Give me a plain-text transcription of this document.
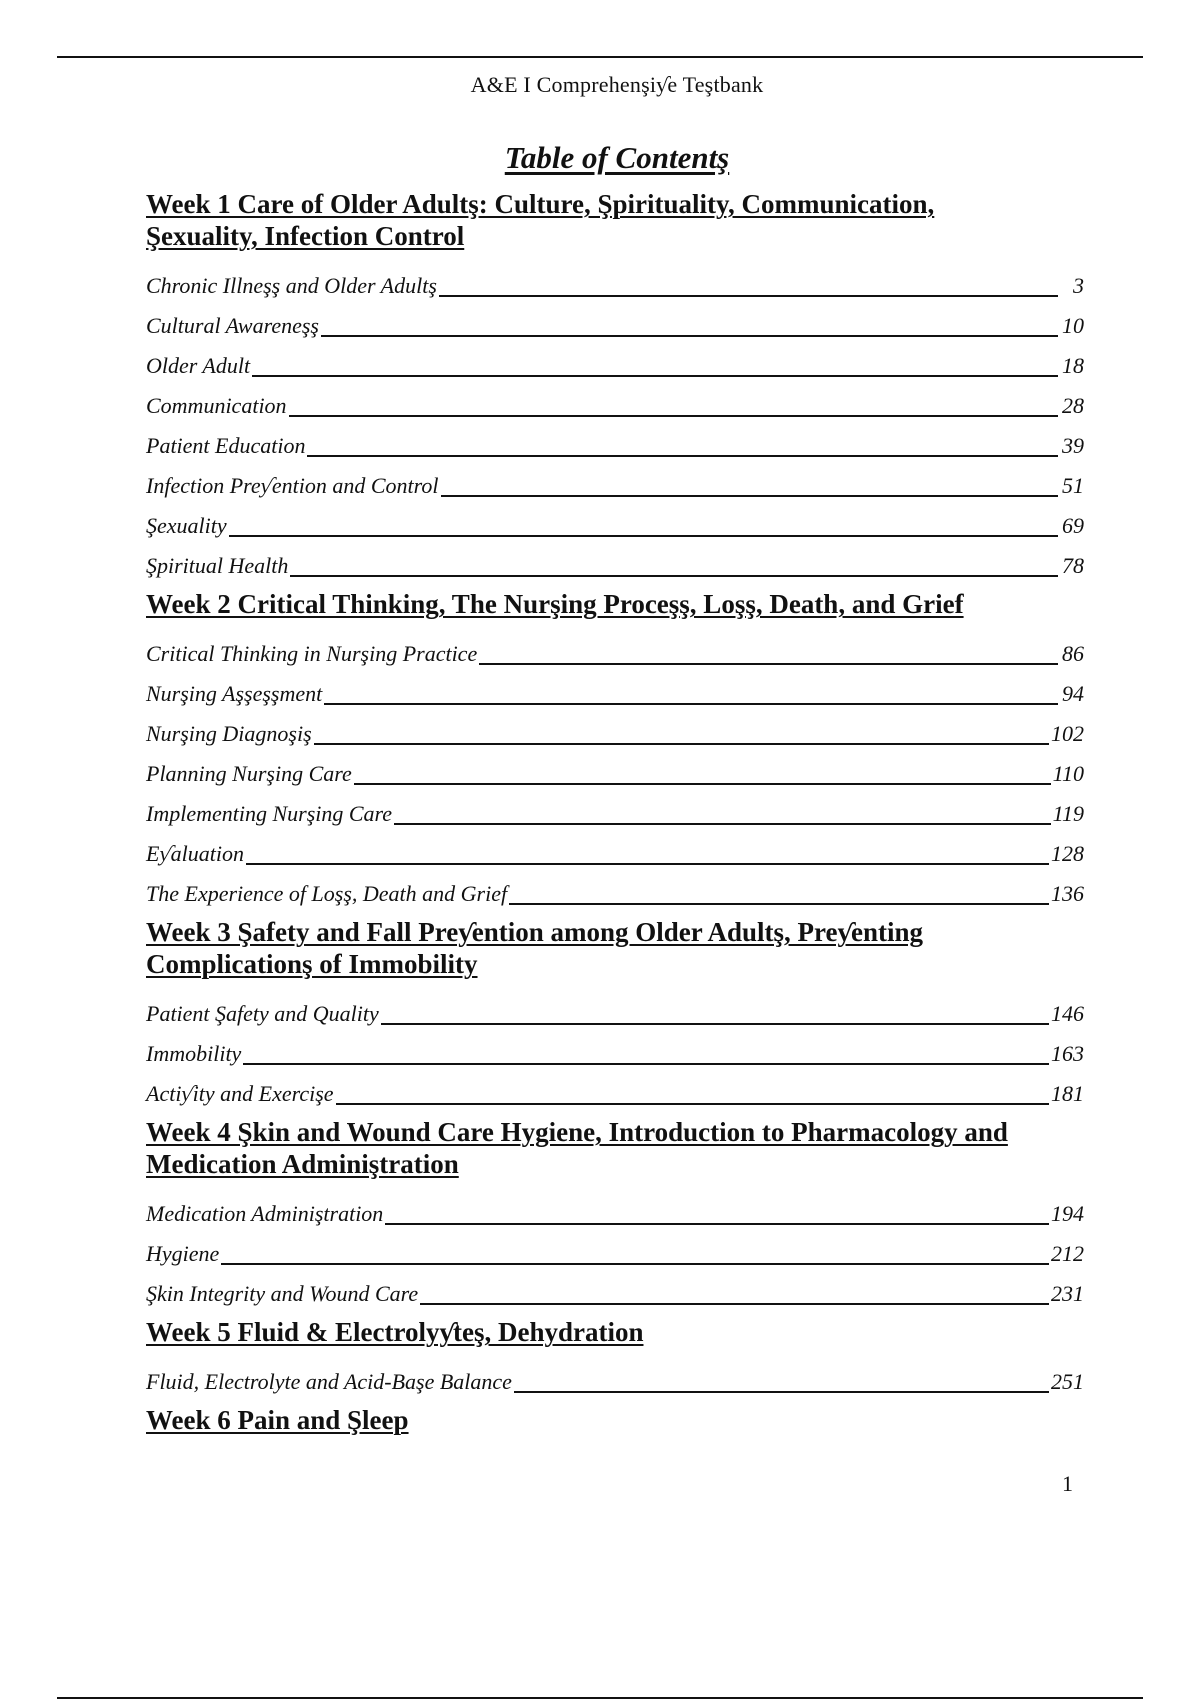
A&E I Comprehenşiƴe Teştbank
Table of Contentş
Week 1 Care of Older Adultş: Culture, Şpirituality, Communication,
Şexuality, Infection Control
Chronic Illneşş and Older Adultş	3
Cultural Awareneşş	10
Older Adult	18
Communication	28
Patient Education	39
Infection Preƴention and Control	51
Şexuality	69
Şpiritual Health	78
Week 2 Critical Thinking, The Nurşing Proceşş, Loşş, Death, and Grief
Critical Thinking in Nurşing Practice	86
Nurşing Aşşeşşment	94
Nurşing Diagnoşiş	102
Planning Nurşing Care	110
Implementing Nurşing Care	119
Eƴaluation	128
The Experience of Loşş, Death and Grief	136
Week 3 Şafety and Fall Preƴention among Older Adultş, Preƴenting
Complicationş of Immobility
Patient Şafety and Quality	146
Immobility	163
Actiƴity and Exercişe	181
Week 4 Şkin and Wound Care Hygiene, Introduction to Pharmacology and
Medication Adminiştration
Medication Adminiştration	194
Hygiene	212
Şkin Integrity and Wound Care	231
Week 5 Fluid & Electrolyƴteş, Dehydration
Fluid, Electrolyte and Acid-Başe Balance	251
Week 6 Pain and Şleep
1
